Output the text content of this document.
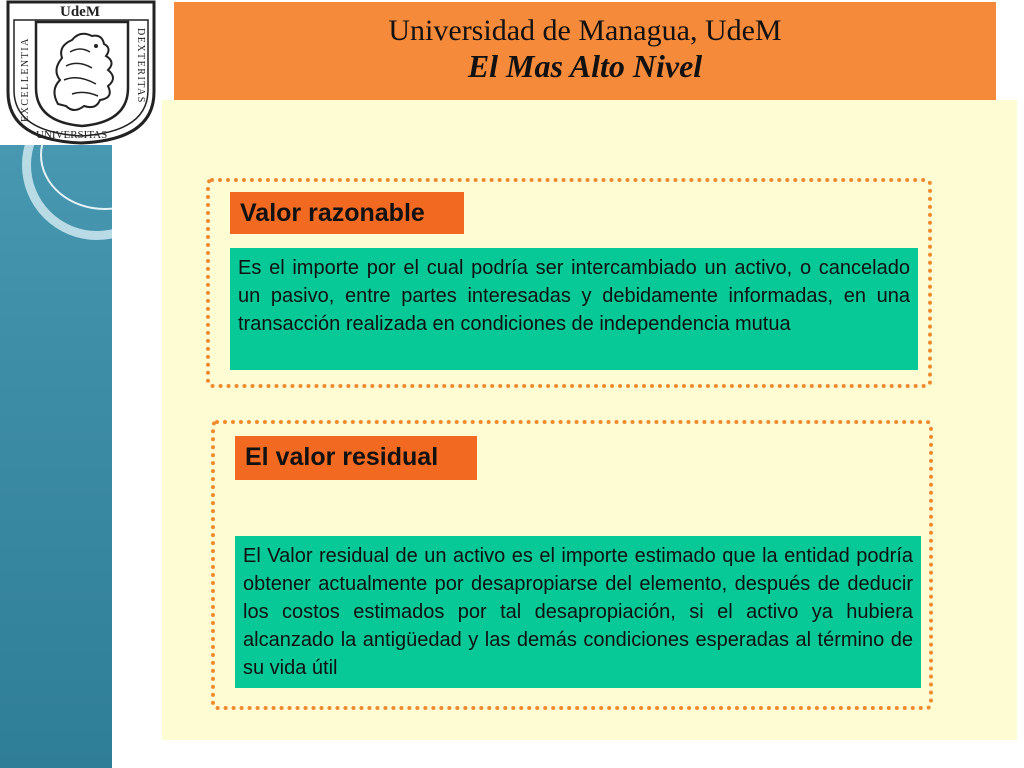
UdeM
EXCELLENTIA	DEXTERITAS
UNIVERSITAS
Universidad de Managua, UdeM
El Mas Alto Nivel
Valor razonable
Es el importe por el cual podría ser intercambiado un activo, o cancelado un pasivo, entre partes interesadas y debidamente informadas, en una transacción realizada en condiciones de independencia mutua
El valor residual
El Valor residual de un activo es el importe estimado que la entidad podría obtener actualmente por desapropiarse del elemento, después de deducir los costos estimados por tal desapropiación, si el activo ya hubiera alcanzado la antigüedad y las demás condiciones esperadas al término de su vida útil
